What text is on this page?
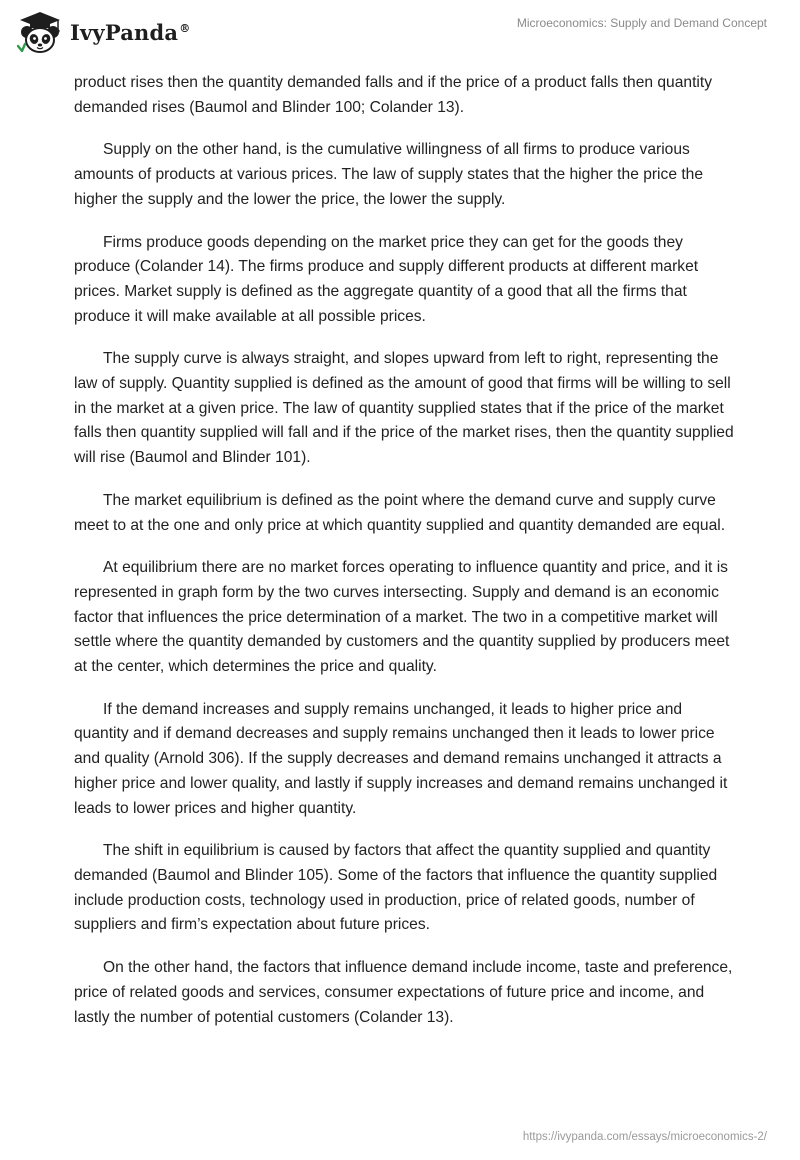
IvyPanda®	Microeconomics: Supply and Demand Concept

product rises then the quantity demanded falls and if the price of a product falls then quantity demanded rises (Baumol and Blinder 100; Colander 13).

Supply on the other hand, is the cumulative willingness of all firms to produce various amounts of products at various prices. The law of supply states that the higher the price the higher the supply and the lower the price, the lower the supply.

Firms produce goods depending on the market price they can get for the goods they produce (Colander 14). The firms produce and supply different products at different market prices. Market supply is defined as the aggregate quantity of a good that all the firms that produce it will make available at all possible prices.

The supply curve is always straight, and slopes upward from left to right, representing the law of supply. Quantity supplied is defined as the amount of good that firms will be willing to sell in the market at a given price. The law of quantity supplied states that if the price of the market falls then quantity supplied will fall and if the price of the market rises, then the quantity supplied will rise (Baumol and Blinder 101).

The market equilibrium is defined as the point where the demand curve and supply curve meet to at the one and only price at which quantity supplied and quantity demanded are equal.

At equilibrium there are no market forces operating to influence quantity and price, and it is represented in graph form by the two curves intersecting. Supply and demand is an economic factor that influences the price determination of a market. The two in a competitive market will settle where the quantity demanded by customers and the quantity supplied by producers meet at the center, which determines the price and quality.

If the demand increases and supply remains unchanged, it leads to higher price and quantity and if demand decreases and supply remains unchanged then it leads to lower price and quality (Arnold 306). If the supply decreases and demand remains unchanged it attracts a higher price and lower quality, and lastly if supply increases and demand remains unchanged it leads to lower prices and higher quantity.

The shift in equilibrium is caused by factors that affect the quantity supplied and quantity demanded (Baumol and Blinder 105). Some of the factors that influence the quantity supplied include production costs, technology used in production, price of related goods, number of suppliers and firm’s expectation about future prices.

On the other hand, the factors that influence demand include income, taste and preference, price of related goods and services, consumer expectations of future price and income, and lastly the number of potential customers (Colander 13).

https://ivypanda.com/essays/microeconomics-2/
